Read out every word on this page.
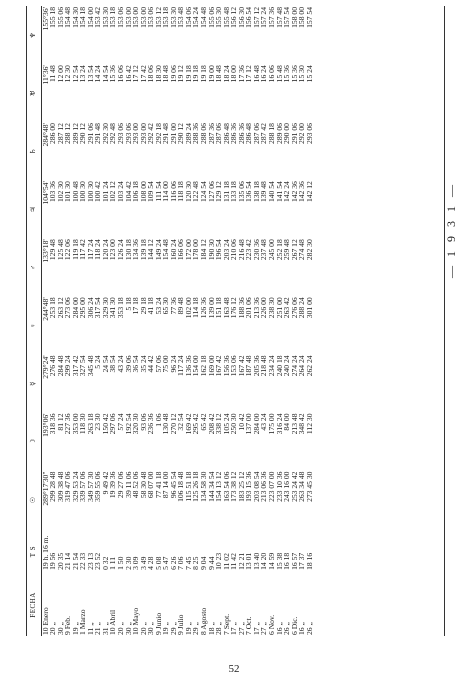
— 1 9 3 1 —
FECHA	T S	☉	☽	☿	♀	♂	♃	♄	♅	♆
10 Enero	19 h. 16 m.	289°17'30"	193°06'	279°24'	244°48'	133°18'	104°54'	284°48'	11°36'	155°36'
20 „	19 56	299 28 48	318 36	276 48	253 18	129 48	103 36	286 00	11 48	155 18
30 „	20 35	309 38 48	81 12	284 48	263 12	125 48	102 30	287 12	12 00	155 06
9 Feb.	21 14	319 47 06	227 36	299 24	273 06	122 06	101 30	288 12	12 30	154 48
19 „	21 54	329 53 24	353 00	317 42	284 00	119 18	100 48	289 12	12 54	154 30
1 Marzo	22 33	339 57 06	118 30	327 54	295 00	117 42	100 30	290 12	13 24	154 18
11 „	23 13	349 57 30	263 18	345 48	306 24	117 24	100 30	291 06	13 54	154 00
21 „	23 52	359 55 06	23 30	5 24	317 54	118 24	100 42	291 48	14 24	153 42
31 „	0 32	9 49 42	150 42	24 54	329 30	120 24	101 24	292 30	14 54	153 30
10 Abril	1 11	19 39 36	297 06	38 54	341 30	123 00	102 12	292 48	15 36	153 18
20 „	1 50	29 27 06	57 24	43 24	353 18	126 24	103 24	293 06	16 06	153 06
30 „	2 30	39 11 06	192 54	39 06	5 18	130 18	104 42	293 06	16 42	153 00
10 Mayo	3 09	48 52 06	320 30	36 54	17 18	134 36	106 18	293 00	17 12	153 00
20 „	3 49	58 30 48	93 06	35 24	29 18	139 18	108 00	293 00	17 42	153 00
30 „	4 28	68 07 00	236 36	44 42	41 18	144 12	109 54	292 42	18 06	153 06
9 Junio	5 08	77 41 18	1 06	57 06	53 24	149 24	111 54	292 18	18 30	153 12
19 „	5 47	87 14 00	130 48	75 00	65 30	154 48	114 00	291 48	18 48	153 18
29 „	6 26	96 45 54	270 12	96 24	77 36	160 24	116 06	291 00	19 06	153 30
9 Julio	7 06	106 18 48	32 54	117 24	89 48	166 06	118 18	290 12	19 12	153 48
19 „	7 45	115 51 18	169 42	136 36	102 00	172 00	120 30	289 24	19 18	154 06
29 „	8 25	125 26 18	295 42	154 00	114 18	178 00	122 48	288 36	19 18	154 24
8 Agosto	9 04	134 58 30	65 42	162 18	126 36	184 12	124 54	288 06	19 18	154 48
18 „	9 44	144 34 54	208 42	169 00	139 00	190 30	127 06	287 36	19 00	155 06
28 „	10 23	154 13 12	338 12	167 42	151 18	196 54	129 12	287 06	18 48	155 30
7 Sept.	11 02	163 54 06	105 24	156 36	163 48	203 24	131 18	286 48	18 24	155 48
17 „	11 42	173 38 12	250 30	153 06	176 12	210 06	133 18	286 36	18 00	156 12
27 „	12 21	183 25 12	10 42	167 42	188 36	216 48	135 06	286 36	17 36	156 30
7 Oct.	13 01	193 15 36	137 00	187 48	201 06	223 42	136 54	286 48	17 12	156 54
17 „	13 40	203 08 54	284 00	205 36	213 36	230 36	138 18	287 06	16 48	157 12
27 „	14 20	213 06 36	43 24	218 48	226 00	237 48	139 48	287 42	16 24	157 24
6 Nov.	14 59	223 07 00	175 00	234 24	238 30	245 00	140 54	288 18	16 06	157 36
16 „	15 38	233 10 36	316 24	240 18	251 00	252 18	141 54	289 06	15 48	157 48
26 „	16 18	243 16 00	84 00	240 24	263 42	259 48	142 24	290 00	15 36	157 54
6 Dic.	16 57	253 24 42	213 48	274 24	276 06	267 12	142 36	291 06	15 36	158 00
16 „	17 37	263 34 48	348 42	264 24	288 24	274 48	142 36	292 00	15 30	158 00
26 „	18 16	273 45 30	112 30	262 24	301 00	282 30	142 12	293 06	15 24	157 54
52
